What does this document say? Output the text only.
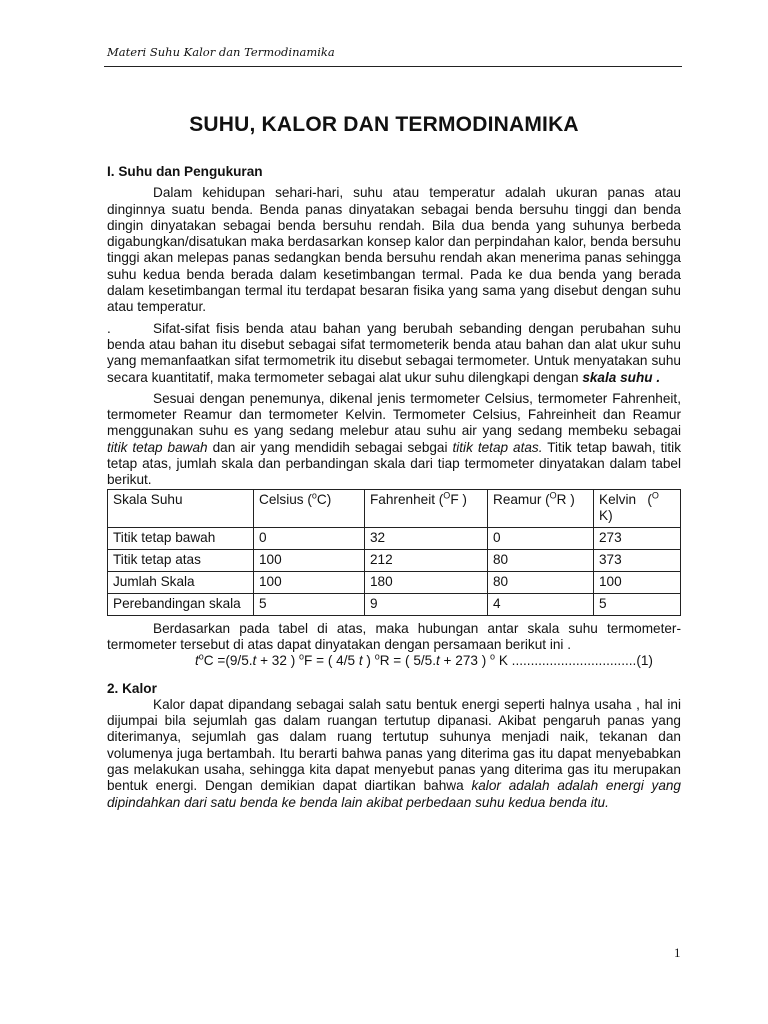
Materi Suhu Kalor dan Termodinamika
SUHU, KALOR DAN TERMODINAMIKA
I. Suhu dan Pengukuran

Dalam kehidupan sehari-hari, suhu atau temperatur adalah ukuran panas atau dinginnya suatu benda. Benda panas dinyatakan sebagai benda bersuhu tinggi dan benda dingin dinyatakan sebagai benda bersuhu rendah. Bila dua benda yang suhunya berbeda digabungkan/disatukan maka berdasarkan konsep kalor dan perpindahan kalor, benda bersuhu tinggi akan melepas panas sedangkan benda bersuhu rendah akan menerima panas sehingga suhu kedua benda berada dalam kesetimbangan termal. Pada ke dua benda yang berada dalam kesetimbangan termal itu terdapat besaran fisika yang sama yang disebut dengan suhu atau temperatur.

.	Sifat-sifat fisis benda atau bahan yang berubah sebanding dengan perubahan suhu benda atau bahan itu disebut sebagai sifat termometerik benda atau bahan dan alat ukur suhu yang memanfaatkan sifat termometrik itu disebut sebagai termometer. Untuk menyatakan suhu secara kuantitatif, maka termometer sebagai alat ukur suhu dilengkapi dengan skala suhu .

Sesuai dengan penemunya, dikenal jenis termometer Celsius, termometer Fahrenheit, termometer Reamur dan termometer Kelvin. Termometer Celsius, Fahreinheit dan Reamur menggunakan suhu es yang sedang melebur atau suhu air yang sedang membeku sebagai titik tetap bawah dan air yang mendidih sebagai sebgai titik tetap atas. Titik tetap bawah, titik tetap atas, jumlah skala dan perbandingan skala dari tiap termometer dinyatakan dalam tabel berikut.

Skala Suhu	Celsius ($^o$C)	Fahrenheit ($^O$F )	Reamur ($^O$R )	Kelvin   ($^O$
K)
Titik tetap bawah	0	32	0	273
Titik tetap atas	100	212	80	373
Jumlah Skala	100	180	80	100
Perebandingan skala	5	9	4	5

Berdasarkan pada tabel di atas, maka hubungan antar skala suhu termometer-termometer tersebut di atas dapat dinyatakan dengan persamaan berikut ini .

$t^oC =(9/5.t + 32$ ) $^o$F = ( 4/5 t ) $^o$R = ( 5/5.t + 273 ) $^o$ K .................................(1)

2. Kalor

Kalor dapat dipandang sebagai salah satu bentuk energi seperti halnya usaha , hal ini dijumpai bila sejumlah gas dalam ruangan tertutup dipanasi. Akibat pengaruh panas yang diterimanya, sejumlah gas dalam ruang tertutup suhunya menjadi naik, tekanan dan volumenya juga bertambah. Itu berarti bahwa panas yang diterima gas itu dapat menyebabkan gas melakukan usaha, sehingga kita dapat menyebut panas yang diterima gas itu merupakan bentuk energi. Dengan demikian dapat diartikan bahwa kalor adalah adalah energi yang dipindahkan dari satu benda ke benda lain akibat perbedaan suhu kedua benda itu.

1
